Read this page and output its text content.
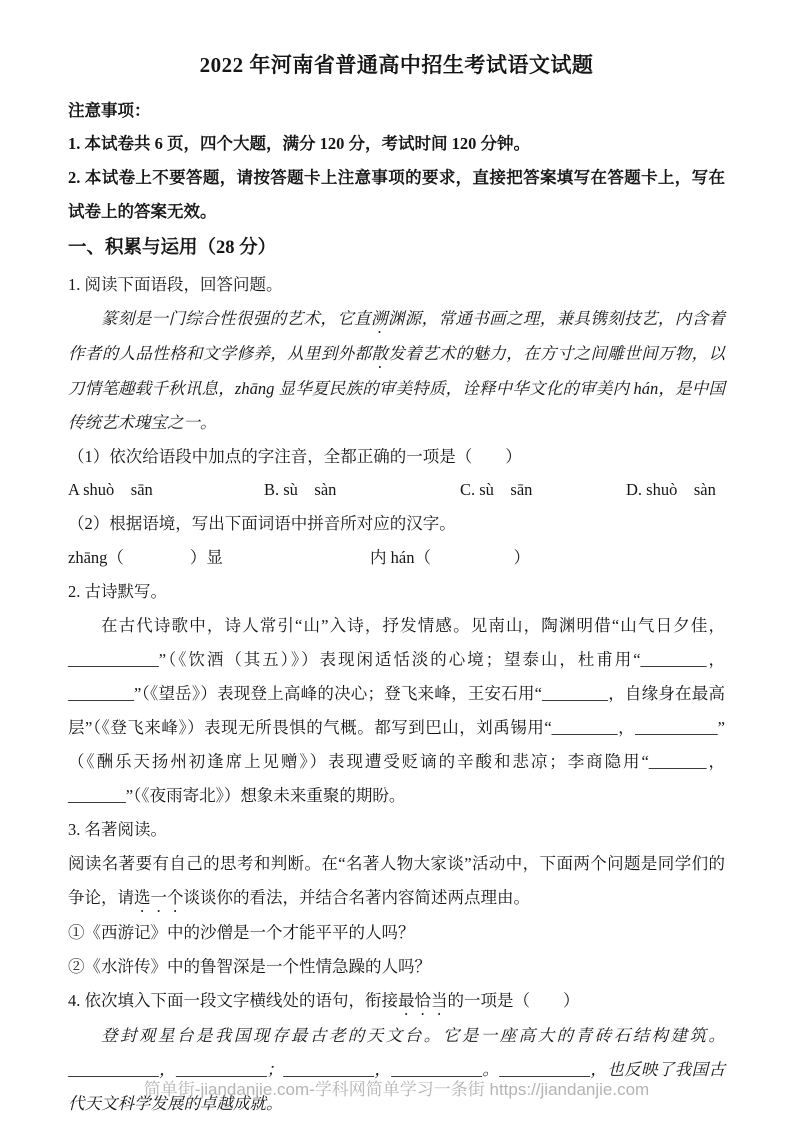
2022 年河南省普通高中招生考试语文试题
注意事项：
1. 本试卷共 6 页，四个大题，满分 120 分，考试时间 120 分钟。
2. 本试卷上不要答题，请按答题卡上注意事项的要求，直接把答案填写在答题卡上，写在试卷上的答案无效。
一、积累与运用（28 分）
1. 阅读下面语段，回答问题。
篆刻是一门综合性很强的艺术，它直溯渊源，常通书画之理，兼具镌刻技艺，内含着作者的人品性格和文学修养，从里到外都散发着艺术的魅力，在方寸之间雕世间万物，以刀情笔趣载千秋讯息，zhāng 显华夏民族的审美特质，诠释中华文化的审美内 hán，是中国传统艺术瑰宝之一。
（1）依次给语段中加点的字注音，全都正确的一项是（　　）
A shuò　sān	B. sù　sàn	C. sù　sān	D. shuò　sàn
（2）根据语境，写出下面词语中拼音所对应的汉字。
zhāng（　　　　）显	内 hán（　　　　　）
2. 古诗默写。
在古代诗歌中，诗人常引“山”入诗，抒发情感。见南山，陶渊明借“山气日夕佳，___________”（《饮酒（其五）》）表现闲适恬淡的心境；望泰山，杜甫用“________，________”（《望岳》）表现登上高峰的决心；登飞来峰，王安石用“________，自缘身在最高层”（《登飞来峰》）表现无所畏惧的气概。都写到巴山，刘禹锡用“________，__________”（《酬乐天扬州初逢席上见赠》）表现遭受贬谪的辛酸和悲凉；李商隐用“_______，_______”（《夜雨寄北》）想象未来重聚的期盼。
3. 名著阅读。
阅读名著要有自己的思考和判断。在“名著人物大家谈”活动中，下面两个问题是同学们的争论，请选一个谈谈你的看法，并结合名著内容简述两点理由。
①《西游记》中的沙僧是一个才能平平的人吗？
②《水浒传》中的鲁智深是一个性情急躁的人吗？
4. 依次填入下面一段文字横线处的语句，衔接最恰当的一项是（　　）
登封观星台是我国现存最古老的天文台。它是一座高大的青砖石结构建筑。___________，___________；___________，___________。___________，也反映了我国古代天文科学发展的卓越成就。
简单街-jiandanjie.com-学科网简单学习一条街 https://jiandanjie.com
